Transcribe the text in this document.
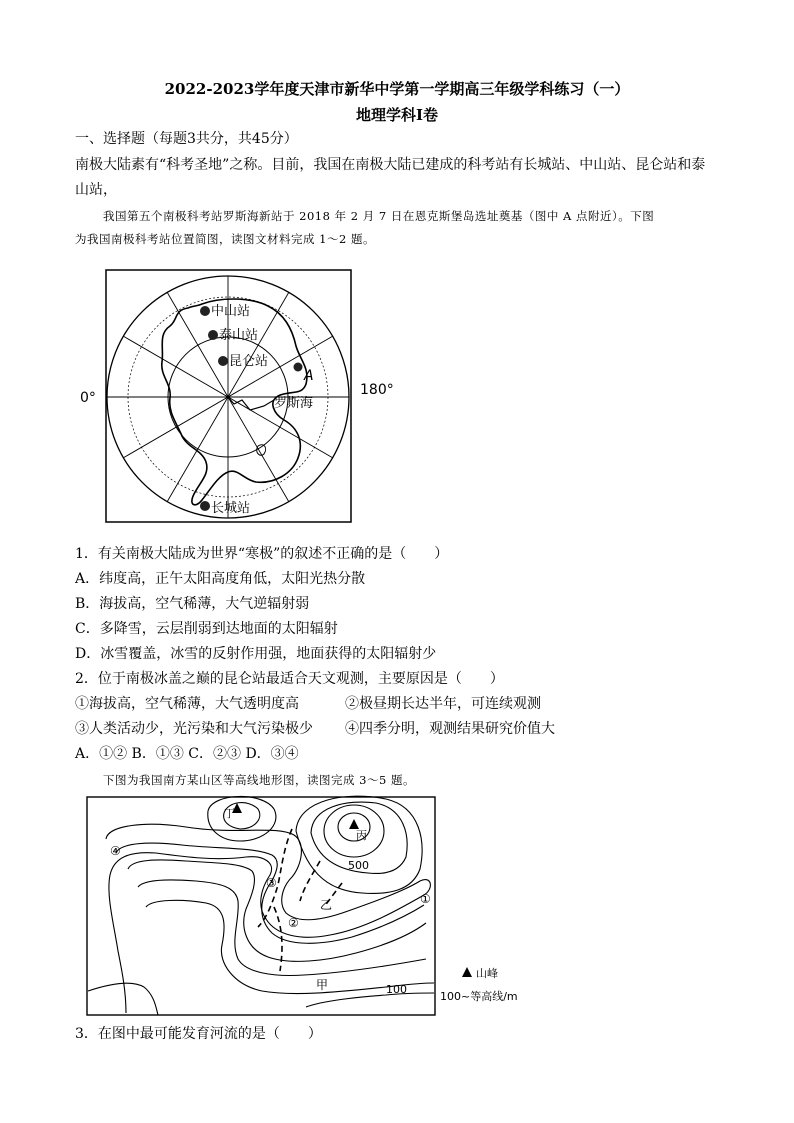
2022-2023学年度天津市新华中学第一学期高三年级学科练习（一）
地理学科Ⅰ卷
一、选择题（每题3共分，共45分）
南极大陆素有“科考圣地”之称。目前，我国在南极大陆已建成的科考站有长城站、中山站、昆仑站和泰
山站，
我国第五个南极科考站罗斯海新站于 2018 年 2 月 7 日在恩克斯堡岛选址奠基（图中 A 点附近）。下图
为我国南极科考站位置简图，读图文材料完成 1～2 题。
中山站
泰山站
昆仑站
A
罗斯海
长城站
0°	180°
1．有关南极大陆成为世界“寒极”的叙述不正确的是（　　）
A．纬度高，正午太阳高度角低，太阳光热分散
B．海拔高，空气稀薄，大气逆辐射弱
C．多降雪，云层削弱到达地面的太阳辐射
D．冰雪覆盖，冰雪的反射作用强，地面获得的太阳辐射少
2．位于南极冰盖之巅的昆仑站最适合天文观测，主要原因是（　　）
①海拔高，空气稀薄，大气透明度高	②极昼期长达半年，可连续观测
③人类活动少，光污染和大气污染极少 ④四季分明，观测结果研究价值大
A．①② B．①③ C．②③ D．③④
下图为我国南方某山区等高线地形图，读图完成 3～5 题。
丁
丙
500
乙
甲	100
①
②
③
④
山峰
100~等高线/m
3．在图中最可能发育河流的是（　　）
